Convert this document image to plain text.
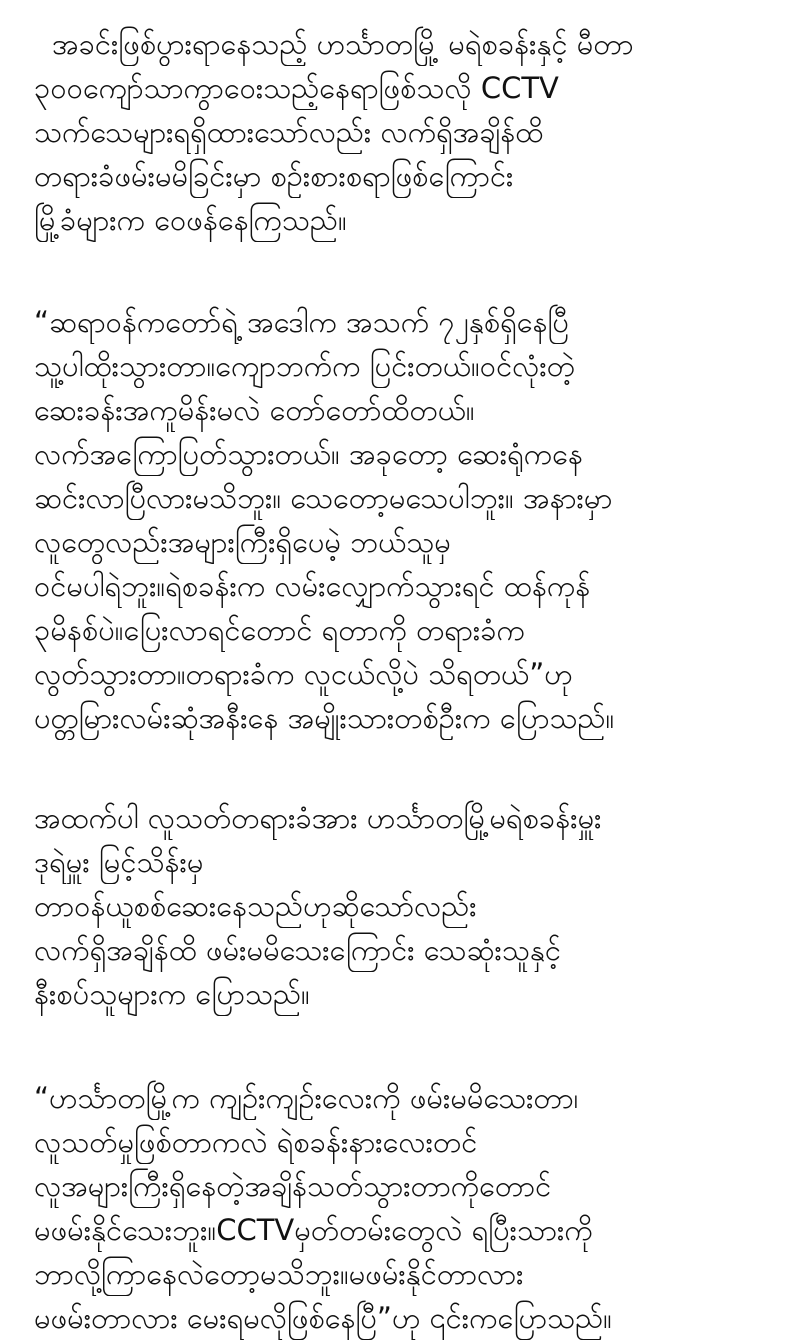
အခင်းဖြစ်ပွားရာနေသည့် ဟင်္သာတမြို့ မရဲစခန်းနှင့် မီတာ
၃၀၀ကျော်သာကွာဝေးသည့်နေရာဖြစ်သလို CCTV
သက်သေများရရှိထားသော်လည်း လက်ရှိအချိန်ထိ
တရားခံဖမ်းမမိခြင်းမှာ စဉ်းစားစရာဖြစ်ကြောင်း
မြို့ခံများက ဝေဖန်နေကြသည်။
“ဆရာဝန်ကတော်ရဲ့ အဒေါက အသက် ၇၂နှစ်ရှိနေပြီ
သူ့ပါထိုးသွားတာ။ကျောဘက်က ပြင်းတယ်။ဝင်လုံးတဲ့
ဆေးခန်းအကူမိန်းမလဲ တော်တော်ထိတယ်။
လက်အကြောပြတ်သွားတယ်။ အခုတော့ ဆေးရုံကနေ
ဆင်းလာပြီလားမသိဘူး။ သေတော့မသေပါဘူး။ အနားမှာ
လူတွေလည်းအများကြီးရှိပေမဲ့ ဘယ်သူမှ
ဝင်မပါရဲဘူး။ရဲစခန်းက လမ်းလျှောက်သွားရင် ထန်ကုန်
၃မိနစ်ပဲ။ပြေးလာရင်တောင် ရတာကို တရားခံက
လွတ်သွားတာ။တရားခံက လူငယ်လို့ပဲ သိရတယ်”ဟု
ပတ္တမြားလမ်းဆုံအနီးနေ အမျိုးသားတစ်ဦးက ပြောသည်။
အထက်ပါ လူသတ်တရားခံအား ဟင်္သာတမြို့မရဲစခန်းမှူး
ဒုရဲမှူး မြင့်သိန်းမှ
တာဝန်ယူစစ်ဆေးနေသည်ဟုဆိုသော်လည်း
လက်ရှိအချိန်ထိ ဖမ်းမမိသေးကြောင်း သေဆုံးသူနှင့်
နီးစပ်သူများက ပြောသည်။
“ဟင်္သာတမြို့က ကျဉ်းကျဉ်းလေးကို ဖမ်းမမိသေးတာ၊
လူသတ်မှုဖြစ်တာကလဲ ရဲစခန်းနားလေးတင်
လူအများကြီးရှိနေတဲ့အချိန်သတ်သွားတာကိုတောင်
မဖမ်းနိုင်သေးဘူး။CCTVမှတ်တမ်းတွေလဲ ရပြီးသားကို
ဘာလို့ကြာနေလဲတော့မသိဘူး။မဖမ်းနိုင်တာလား
မဖမ်းတာလား မေးရမလိုဖြစ်နေပြီ”ဟု ၎င်းကပြောသည်။
